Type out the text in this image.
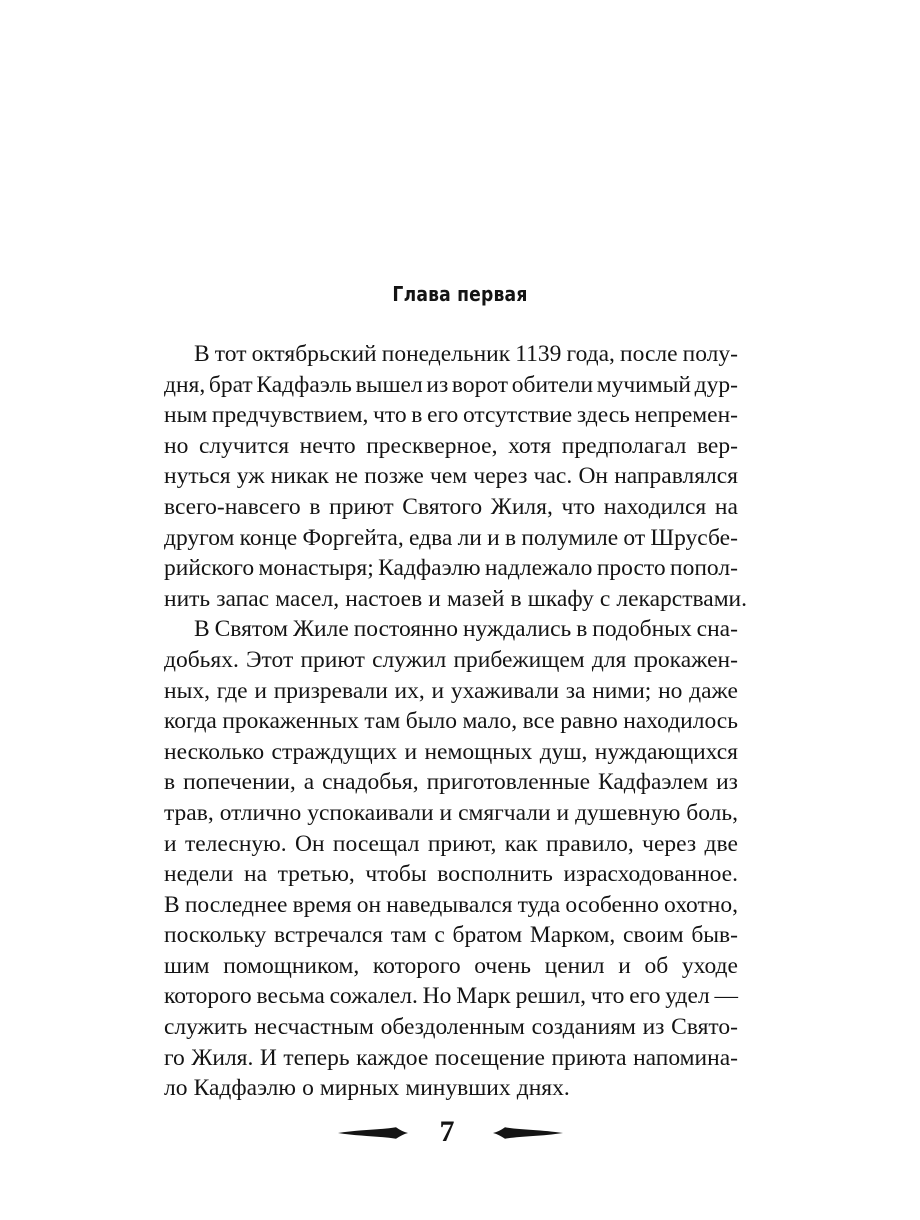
Глава первая
В тот октябрьский понедельник 1139 года, после полу-
дня, брат Кадфаэль вышел из ворот обители мучимый дур-
ным предчувствием, что в его отсутствие здесь непремен-
но случится нечто прескверное, хотя предполагал вер-
нуться уж никак не позже чем через час. Он направлялся
всего-навсего в приют Святого Жиля, что находился на
другом конце Форгейта, едва ли и в полумиле от Шрусбе-
рийского монастыря; Кадфаэлю надлежало просто попол-
нить запас масел, настоев и мазей в шкафу с лекарствами.
В Святом Жиле постоянно нуждались в подобных сна-
добьях. Этот приют служил прибежищем для прокажен-
ных, где и призревали их, и ухаживали за ними; но даже
когда прокаженных там было мало, все равно находилось
несколько страждущих и немощных душ, нуждающихся
в попечении, а снадобья, приготовленные Кадфаэлем из
трав, отлично успокаивали и смягчали и душевную боль,
и телесную. Он посещал приют, как правило, через две
недели на третью, чтобы восполнить израсходованное.
В последнее время он наведывался туда особенно охотно,
поскольку встречался там с братом Марком, своим быв-
шим помощником, которого очень ценил и об уходе
которого весьма сожалел. Но Марк решил, что его удел —
служить несчастным обездоленным созданиям из Свято-
го Жиля. И теперь каждое посещение приюта напомина-
ло Кадфаэлю о мирных минувших днях.
7
